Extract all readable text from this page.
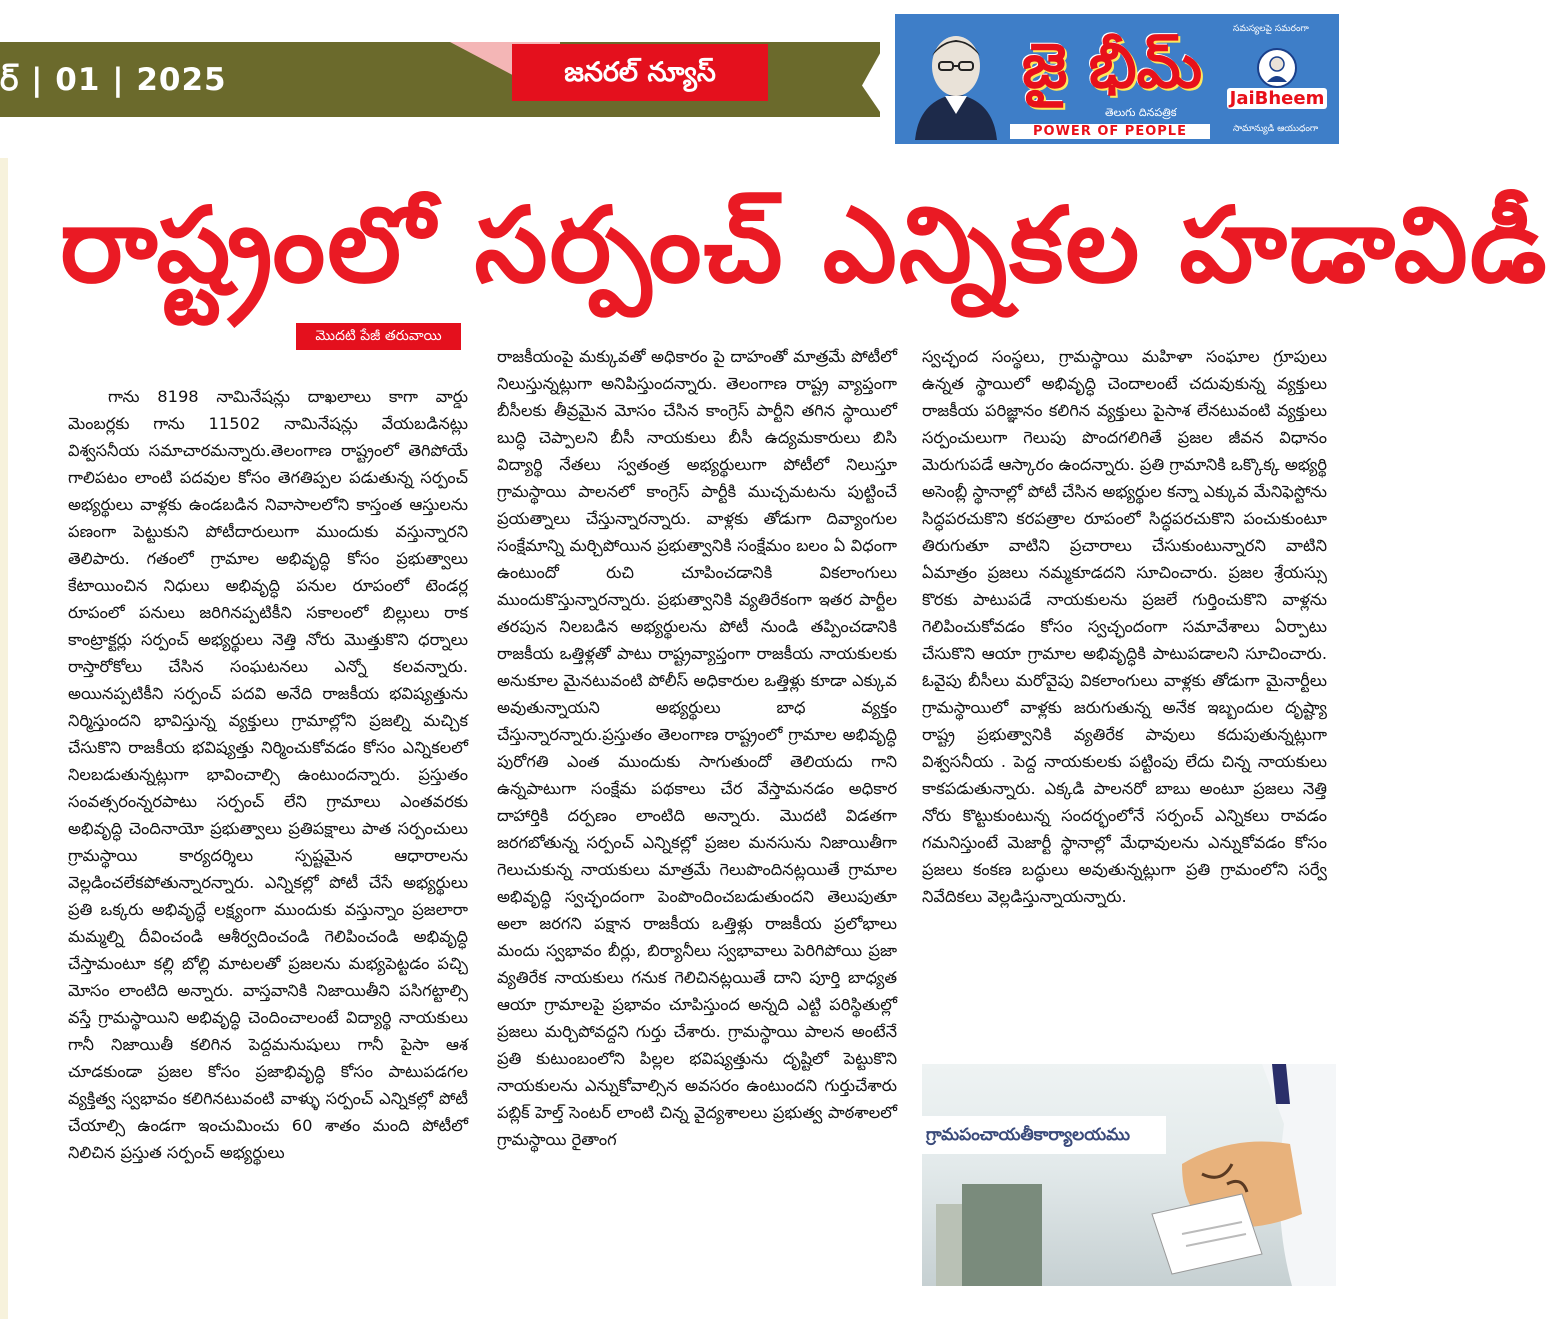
ర్ | 01 | 2025	జనరల్ న్యూస్	జై భీమ్
తెలుగు దినపత్రిక
POWER OF PEOPLE
సమస్యలపై సమరంగా
JaiBheem
సామాన్యుడి ఆయుధంగా
రాష్ట్రంలో సర్పంచ్ ఎన్నికల హడావిడీ
మొదటి పేజీ తరువాయి
గాను 8198 నామినేషన్లు దాఖలాలు కాగా వార్డు మెంబర్లకు గాను 11502 నామినేషన్లు వేయబడినట్లు విశ్వసనీయ సమాచారమన్నారు.తెలంగాణ రాష్ట్రంలో తెగిపోయే గాలిపటం లాంటి పదవుల కోసం తెగతిప్పల పడుతున్న సర్పంచ్ అభ్యర్థులు వాళ్లకు ఉండబడిన నివాసాలలోని కాస్తంత ఆస్తులను పణంగా పెట్టుకుని పోటీదారులుగా ముందుకు వస్తున్నారని తెలిపారు. గతంలో గ్రామాల అభివృద్ధి కోసం ప్రభుత్వాలు కేటాయించిన నిధులు అభివృద్ధి పనుల రూపంలో టెండర్ల రూపంలో పనులు జరిగినప్పటికీని సకాలంలో బిల్లులు రాక కాంట్రాక్టర్లు సర్పంచ్ అభ్యర్థులు నెత్తి నోరు మొత్తుకొని ధర్నాలు రాస్తారోకోలు చేసిన సంఘటనలు ఎన్నో కలవన్నారు. అయినప్పటికీని సర్పంచ్ పదవి అనేది రాజకీయ భవిష్యత్తును నిర్మిస్తుందని భావిస్తున్న వ్యక్తులు గ్రామాల్లోని ప్రజల్ని మచ్చిక చేసుకొని రాజకీయ భవిష్యత్తు నిర్మించుకోవడం కోసం ఎన్నికలలో నిలబడుతున్నట్లుగా భావించాల్సి ఉంటుందన్నారు. ప్రస్తుతం సంవత్సరంన్నరపాటు సర్పంచ్ లేని గ్రామాలు ఎంతవరకు అభివృద్ధి చెందినాయో ప్రభుత్వాలు ప్రతిపక్షాలు పాత సర్పంచులు గ్రామస్థాయి కార్యదర్శిలు స్పష్టమైన ఆధారాలను వెల్లడించలేకపోతున్నారన్నారు. ఎన్నికల్లో పోటీ చేసే అభ్యర్థులు ప్రతి ఒక్కరు అభివృద్ధే లక్ష్యంగా ముందుకు వస్తున్నాం ప్రజలారా మమ్మల్ని దీవించండి ఆశీర్వదించండి గెలిపించండి అభివృద్ధి చేస్తామంటూ కల్లి బోల్లి మాటలతో ప్రజలను మభ్యపెట్టడం పచ్చి మోసం లాంటిది అన్నారు. వాస్తవానికి నిజాయితీని పసిగట్టాల్సి వస్తే గ్రామస్థాయిని అభివృద్ధి చెందించాలంటే విద్యార్థి నాయకులు గానీ నిజాయితీ కలిగిన పెద్దమనుషులు గానీ పైసా ఆశ చూడకుండా ప్రజల కోసం ప్రజాభివృద్ధి కోసం పాటుపడగల వ్యక్తిత్వ స్వభావం కలిగినటువంటి వాళ్ళు సర్పంచ్ ఎన్నికల్లో పోటీ చేయాల్సి ఉండగా ఇంచుమించు 60 శాతం మంది పోటీలో నిలిచిన ప్రస్తుత సర్పంచ్ అభ్యర్థులు
రాజకీయంపై మక్కువతో అధికారం పై దాహంతో మాత్రమే పోటీలో నిలుస్తున్నట్లుగా అనిపిస్తుందన్నారు. తెలంగాణ రాష్ట్ర వ్యాప్తంగా బీసీలకు తీవ్రమైన మోసం చేసిన కాంగ్రెస్ పార్టీని తగిన స్థాయిలో బుద్ధి చెప్పాలని బీసీ నాయకులు బీసీ ఉద్యమకారులు బిసి విద్యార్థి నేతలు స్వతంత్ర అభ్యర్థులుగా పోటీలో నిలుస్తూ గ్రామస్థాయి పాలనలో కాంగ్రెస్ పార్టీకి ముచ్చమటను పుట్టించే ప్రయత్నాలు చేస్తున్నారన్నారు. వాళ్లకు తోడుగా దివ్యాంగుల సంక్షేమాన్ని మర్చిపోయిన ప్రభుత్వానికి సంక్షేమం బలం ఏ విధంగా ఉంటుందో రుచి చూపించడానికి వికలాంగులు ముందుకొస్తున్నారన్నారు. ప్రభుత్వానికి వ్యతిరేకంగా ఇతర పార్టీల తరపున నిలబడిన అభ్యర్థులను పోటీ నుండి తప్పించడానికి రాజకీయ ఒత్తిళ్లతో పాటు రాష్ట్రవ్యాప్తంగా రాజకీయ నాయకులకు అనుకూల మైనటువంటి పోలీస్ అధికారుల ఒత్తిళ్లు కూడా ఎక్కువ అవుతున్నాయని అభ్యర్థులు బాధ వ్యక్తం చేస్తున్నారన్నారు.ప్రస్తుతం తెలంగాణ రాష్ట్రంలో గ్రామాల అభివృద్ధి పురోగతి ఎంత ముందుకు సాగుతుందో తెలియదు గాని ఉన్నపాటుగా సంక్షేమ పథకాలు చేర వేస్తామనడం అధికార దాహార్తికి దర్పణం లాంటిది అన్నారు. మొదటి విడతగా జరగబోతున్న సర్పంచ్ ఎన్నికల్లో ప్రజల మనసును నిజాయితీగా గెలుచుకున్న నాయకులు మాత్రమే గెలుపొందినట్లయితే గ్రామాల అభివృద్ధి స్వచ్ఛందంగా పెంపొందించబడుతుందని తెలుపుతూ అలా జరగని పక్షాన రాజకీయ ఒత్తిళ్లు రాజకీయ ప్రలోభాలు మందు స్వభావం బీర్లు, బిర్యానీలు స్వభావాలు పెరిగిపోయి ప్రజా వ్యతిరేక నాయకులు గనుక గెలిచినట్లయితే దాని పూర్తి బాధ్యత ఆయా గ్రామాలపై ప్రభావం చూపిస్తుంద అన్నది ఎట్టి పరిస్థితుల్లో ప్రజలు మర్చిపోవద్దని గుర్తు చేశారు. గ్రామస్థాయి పాలన అంటేనే ప్రతి కుటుంబంలోని పిల్లల భవిష్యత్తును దృష్టిలో పెట్టుకొని నాయకులను ఎన్నుకోవాల్సిన అవసరం ఉంటుందని గుర్తుచేశారు పబ్లిక్ హెల్త్ సెంటర్ లాంటి చిన్న వైద్యశాలలు ప్రభుత్వ పాఠశాలలో గ్రామస్థాయి రైతాంగ
స్వచ్ఛంద సంస్థలు, గ్రామస్థాయి మహిళా సంఘాల గ్రూపులు ఉన్నత స్థాయిలో అభివృద్ధి చెందాలంటే చదువుకున్న వ్యక్తులు రాజకీయ పరిజ్ఞానం కలిగిన వ్యక్తులు పైసాశ లేనటువంటి వ్యక్తులు సర్పంచులుగా గెలుపు పొందగలిగితే ప్రజల జీవన విధానం మెరుగుపడే ఆస్కారం ఉందన్నారు. ప్రతి గ్రామానికి ఒక్కొక్క అభ్యర్థి అసెంబ్లీ స్థానాల్లో పోటీ చేసిన అభ్యర్థుల కన్నా ఎక్కువ మేనిఫెస్టోను సిద్ధపరచుకొని కరపత్రాల రూపంలో సిద్ధపరచుకొని పంచుకుంటూ తిరుగుతూ వాటిని ప్రచారాలు చేసుకుంటున్నారని వాటిని ఏమాత్రం ప్రజలు నమ్మకూడదని సూచించారు. ప్రజల శ్రేయస్సు కొరకు పాటుపడే నాయకులను ప్రజలే గుర్తించుకొని వాళ్లను గెలిపించుకోవడం కోసం స్వచ్ఛందంగా సమావేశాలు ఏర్పాటు చేసుకొని ఆయా గ్రామాల అభివృద్ధికి పాటుపడాలని సూచించారు. ఓవైపు బీసీలు మరోవైపు వికలాంగులు వాళ్లకు తోడుగా మైనార్టీలు గ్రామస్థాయిలో వాళ్లకు జరుగుతున్న అనేక ఇబ్బందుల దృష్ట్యా రాష్ట్ర ప్రభుత్వానికి వ్యతిరేక పావులు కదుపుతున్నట్లుగా విశ్వసనీయ . పెద్ద నాయకులకు పట్టింపు లేదు చిన్న నాయకులు కాకపడుతున్నారు. ఎక్కడి పాలనరో బాబు అంటూ ప్రజలు నెత్తి నోరు కొట్టుకుంటున్న సందర్భంలోనే సర్పంచ్ ఎన్నికలు రావడం గమనిస్తుంటే మెజార్టీ స్థానాల్లో మేధావులను ఎన్నుకోవడం కోసం ప్రజలు కంకణ బద్ధులు అవుతున్నట్లుగా ప్రతి గ్రామంలోని సర్వే నివేదికలు వెల్లడిస్తున్నాయన్నారు.
గ్రామపంచాయతీకార్యాలయము
